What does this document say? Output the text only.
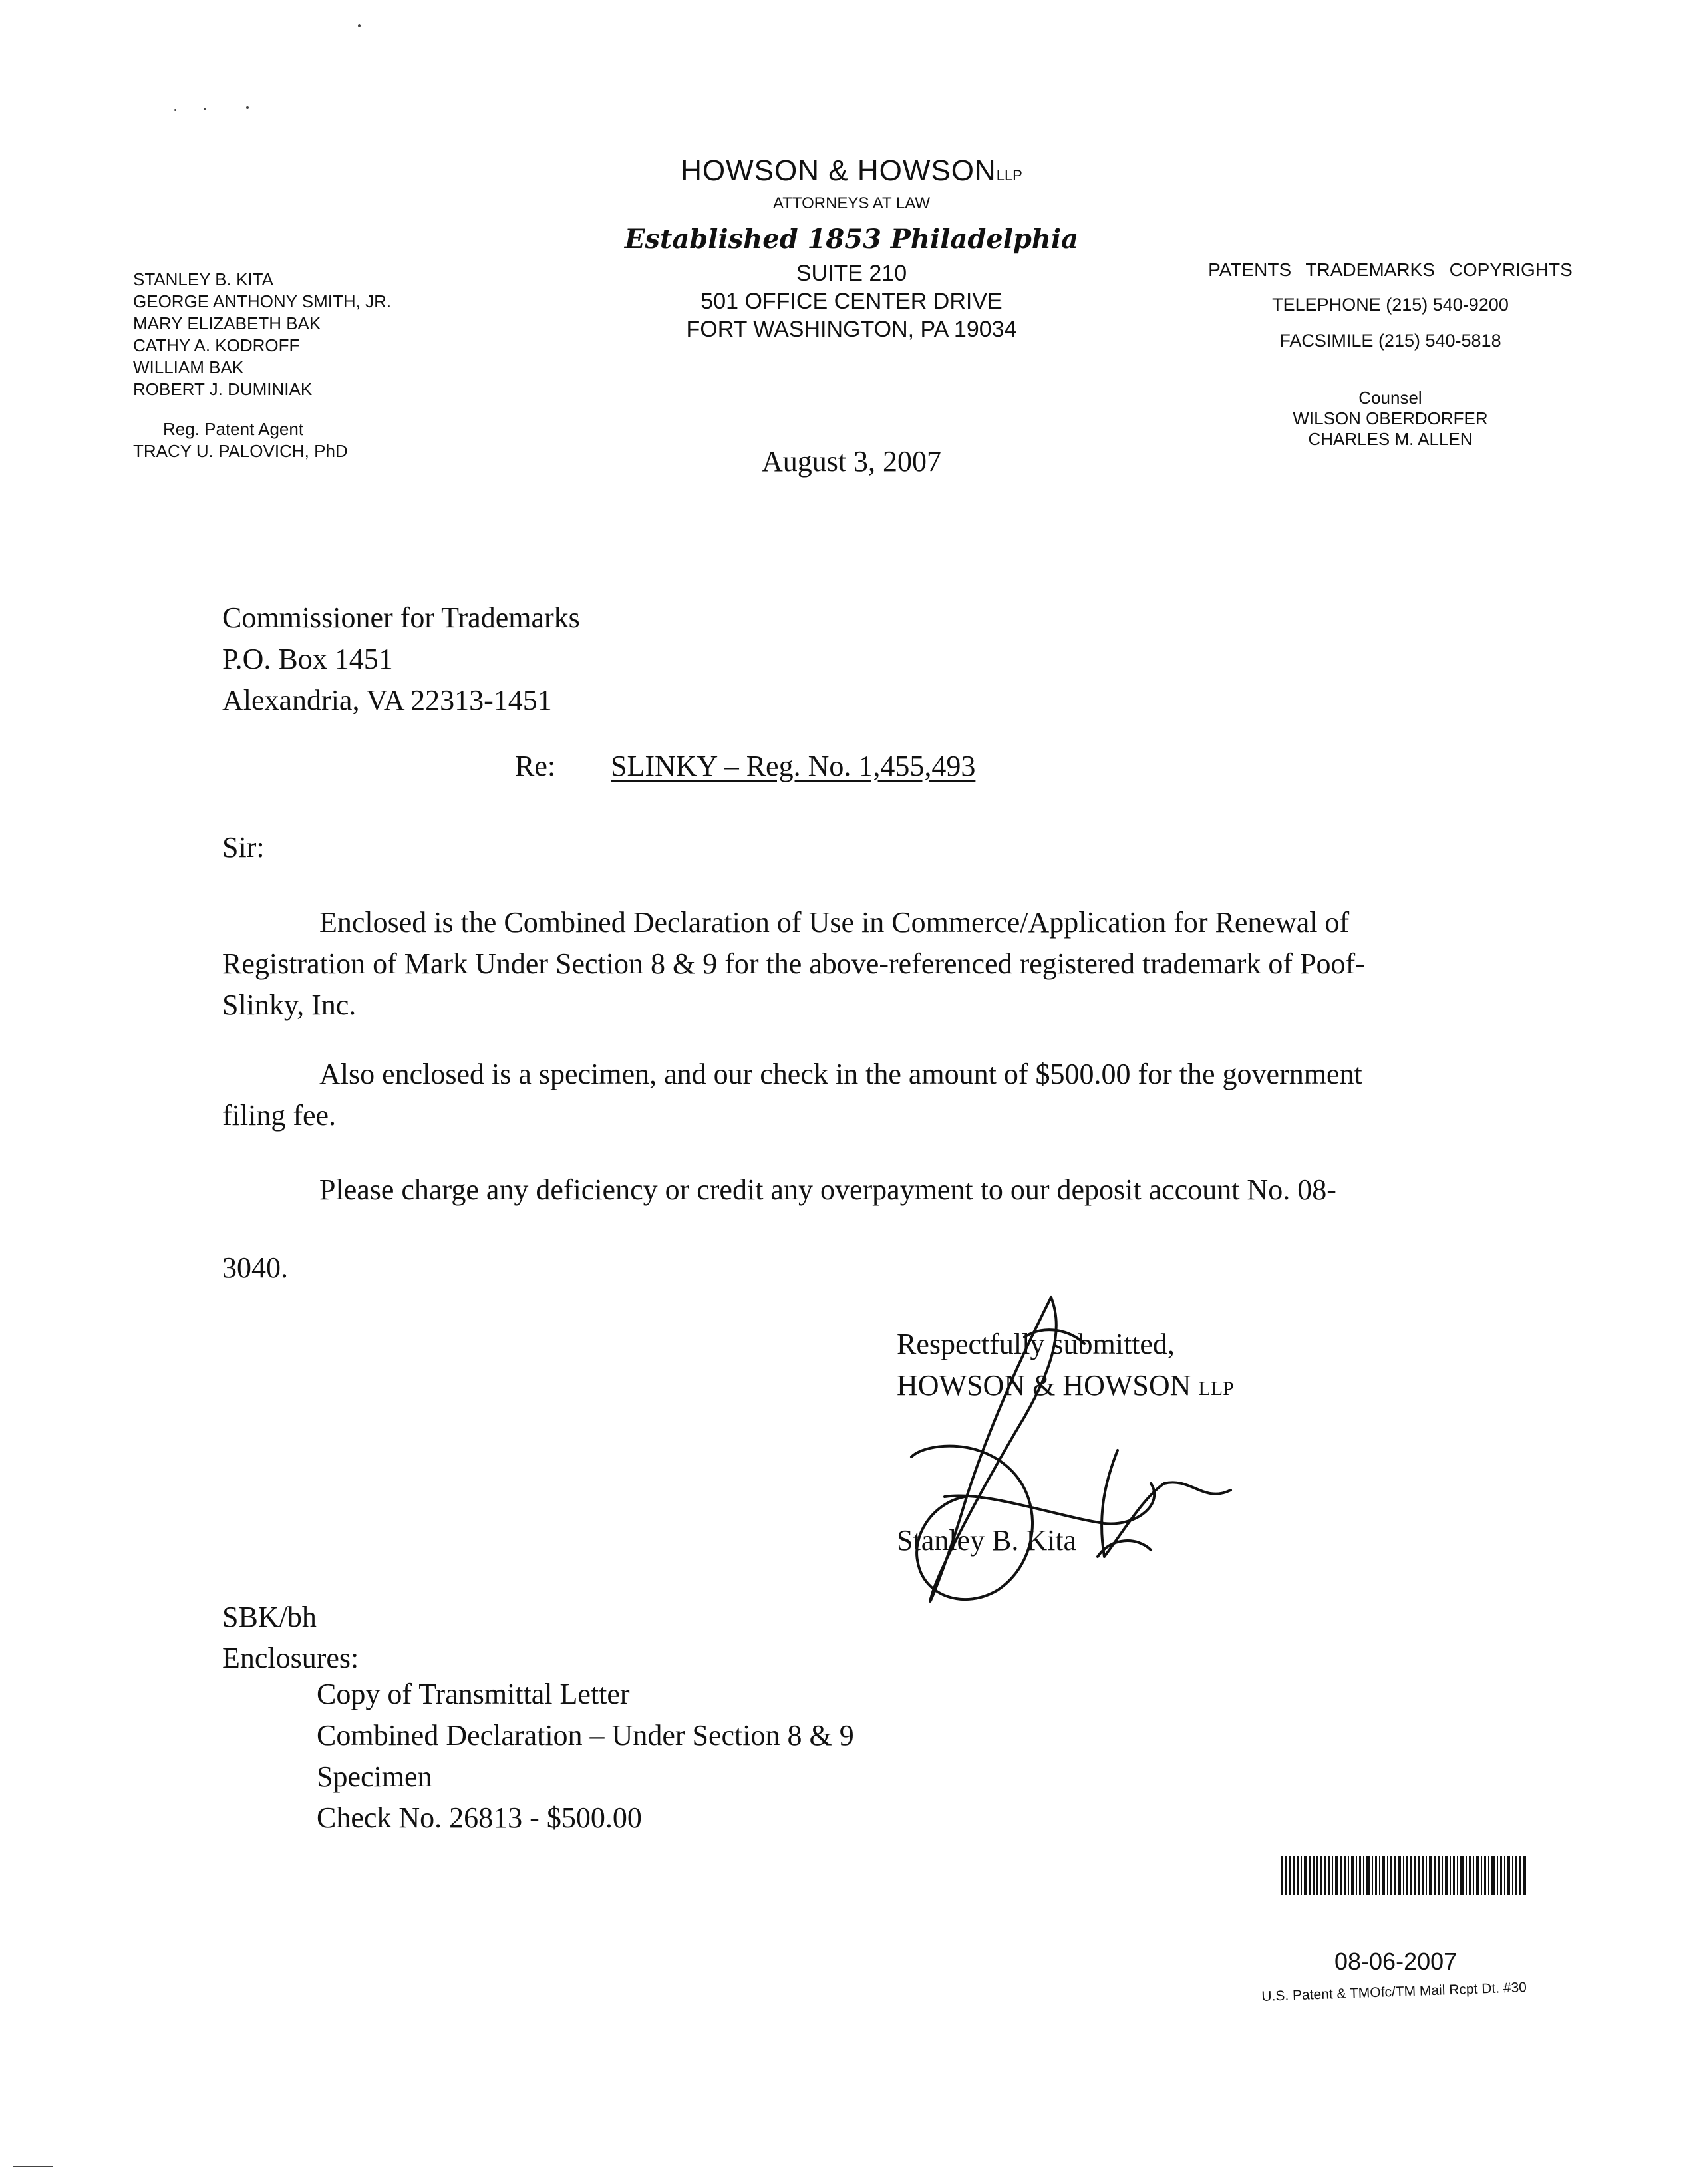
HOWSON & HOWSONLLP
ATTORNEYS AT LAW
Established 1853 Philadelphia
SUITE 210
501 OFFICE CENTER DRIVE
FORT WASHINGTON, PA 19034
STANLEY B. KITA
GEORGE ANTHONY SMITH, JR.
MARY ELIZABETH BAK
CATHY A. KODROFF
WILLIAM BAK
ROBERT J. DUMINIAK
Reg. Patent Agent
TRACY U. PALOVICH, PhD
PATENTS TRADEMARKS COPYRIGHTS
TELEPHONE (215) 540-9200
FACSIMILE (215) 540-5818
Counsel
WILSON OBERDORFER
CHARLES M. ALLEN
August 3, 2007
Commissioner for Trademarks
P.O. Box 1451
Alexandria, VA 22313-1451
Re: SLINKY – Reg. No. 1,455,493
Sir:
Enclosed is the Combined Declaration of Use in Commerce/Application for Renewal of
Registration of Mark Under Section 8 & 9 for the above-referenced registered trademark of Poof-
Slinky, Inc.
Also enclosed is a specimen, and our check in the amount of $500.00 for the government
filing fee.
Please charge any deficiency or credit any overpayment to our deposit account No. 08-
3040.
Respectfully submitted,
HOWSON & HOWSON LLP
Stanley B. Kita
SBK/bh
Enclosures:
Copy of Transmittal Letter
Combined Declaration – Under Section 8 & 9
Specimen
Check No. 26813 - $500.00
08-06-2007
U.S. Patent & TMOfc/TM Mail Rcpt Dt. #30
